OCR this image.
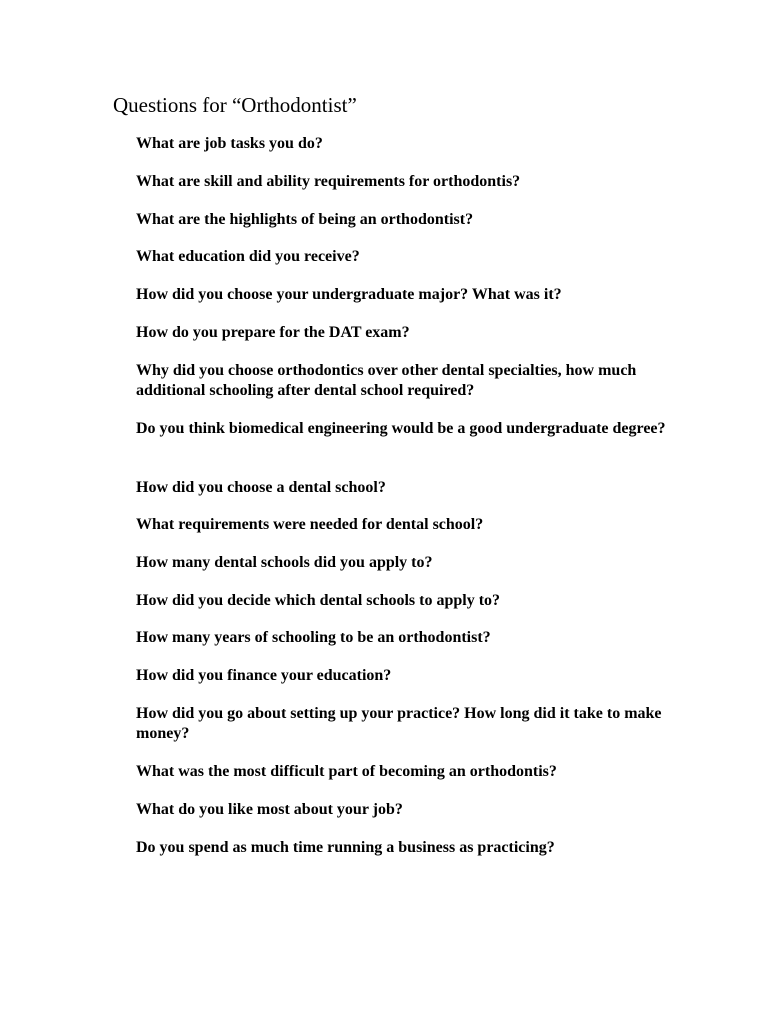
Questions for “Orthodontist”

What are job tasks you do?

What are skill and ability requirements for orthodontis?

What are the highlights of being an orthodontist?

What education did you receive?

How did you choose your undergraduate major? What was it?

How do you prepare for the DAT exam?

Why did you choose orthodontics over other dental specialties, how much additional schooling after dental school required?

Do you think biomedical engineering would be a good undergraduate degree?

How did you choose a dental school?

What requirements were needed for dental school?

How many dental schools did you apply to?

How did you decide which dental schools to apply to?

How many years of schooling to be an orthodontist?

How did you finance your education?

How did you go about setting up your practice? How long did it take to make money?

What was the most difficult part of becoming an orthodontis?

What do you like most about your job?

Do you spend as much time running a business as practicing?
